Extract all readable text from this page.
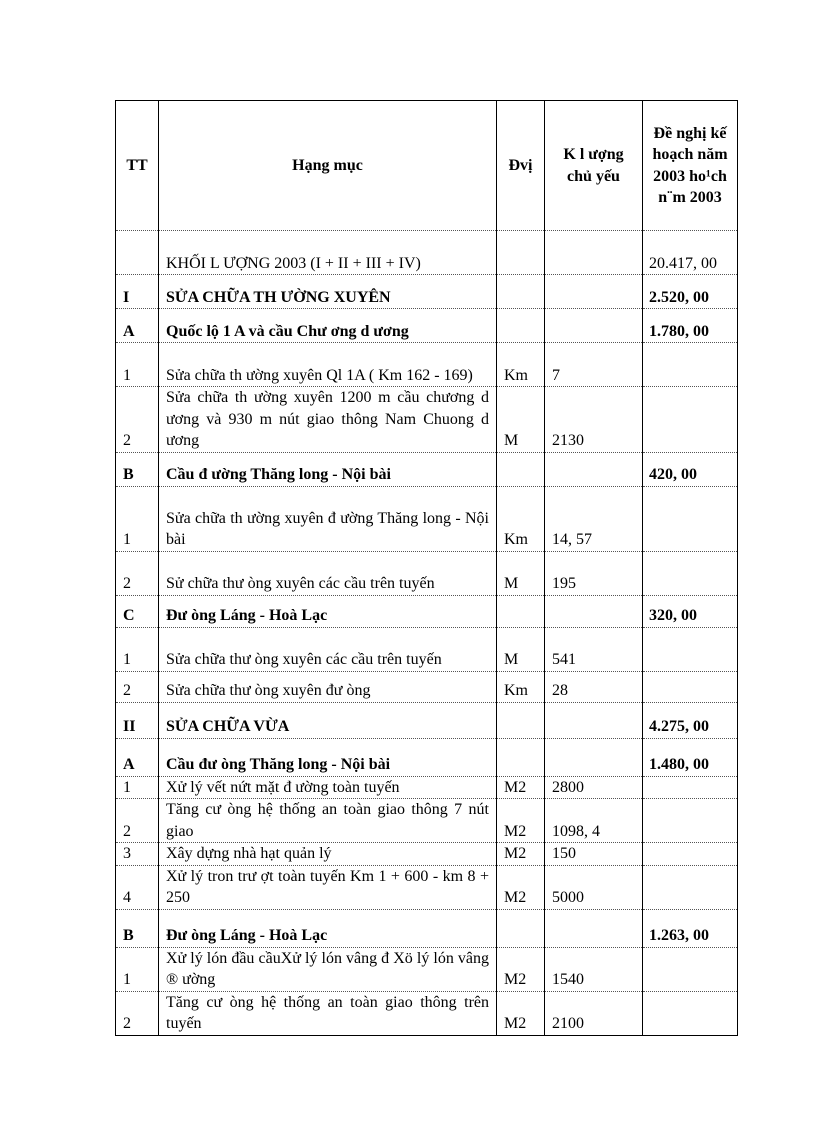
TT	Hạng mục	Đvị	K l ượng chủ yếu	Đề nghị kế hoạch năm 2003 ho¹ch n¨m 2003
	KHỐI L ƯỢNG 2003 (I + II + III + IV)			20.417, 00
I	SỬA CHỮA TH ƯỜNG XUYÊN			2.520, 00
A	Quốc lộ 1 A và cầu Chư ơng d ương			1.780, 00
1	Sửa chữa th ường xuyên Ql 1A ( Km 162 - 169)	Km	7	
2	Sửa chữa th ường xuyên 1200 m cầu chương d ương và 930 m nút giao thông Nam Chuong d ương	M	2130	
B	Cầu đ ường Thăng long - Nội bài			420, 00
1	Sửa chữa th ường xuyên đ ường Thăng long - Nội bài	Km	14, 57	
2	Sử chữa thư òng xuyên các cầu trên tuyến	M	195	
C	Đư òng Láng - Hoà Lạc			320, 00
1	Sửa chữa thư òng xuyên các cầu trên tuyến	M	541	
2	Sửa chữa thư òng xuyên đư òng	Km	28	
II	SỬA CHỮA VỪA			4.275, 00
A	Cầu đư òng Thăng long - Nội bài			1.480, 00
1	Xử lý vết nứt mặt đ ường toàn tuyến	M2	2800	
2	Tăng cư òng hệ thống an toàn giao thông 7 nút giao	M2	1098, 4	
3	Xây dựng nhà hạt quản lý	M2	150	
4	Xử lý tron trư ợt toàn tuyến Km 1 + 600 - km 8 + 250	M2	5000	
B	Đư òng Láng - Hoà Lạc			1.263, 00
1	Xử lý lón đầu cầuXử lý lón vâng đ Xö lý lón vâng ® ường	M2	1540	
2	Tăng cư òng hệ thống an toàn giao thông trên tuyến	M2	2100	
